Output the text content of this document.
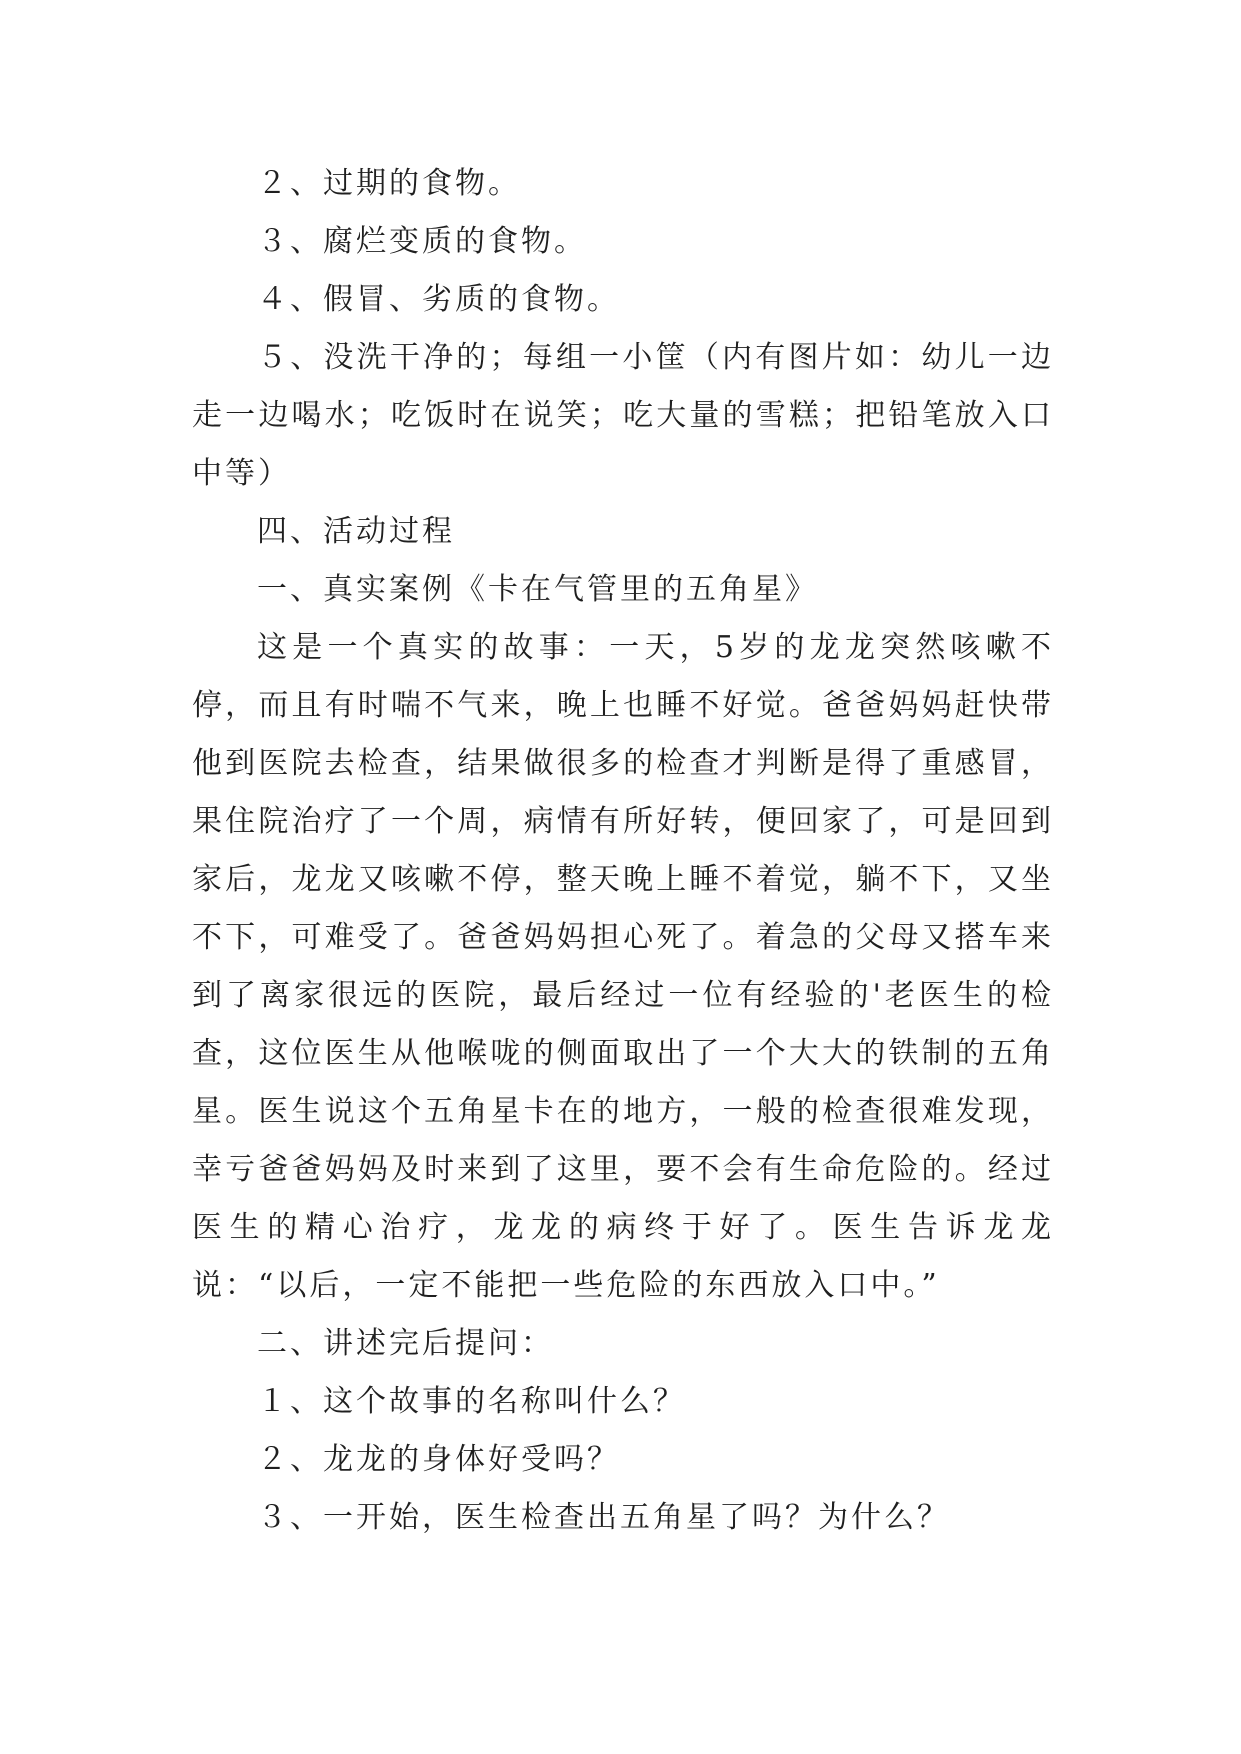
２、过期的食物。

３、腐烂变质的食物。

４、假冒、劣质的食物。

５、没洗干净的；每组一小筐（内有图片如：幼儿一边走一边喝水；吃饭时在说笑；吃大量的雪糕；把铅笔放入口中等）

四、活动过程

一、真实案例《卡在气管里的五角星》

这是一个真实的故事：一天，5岁的龙龙突然咳嗽不停，而且有时喘不气来，晚上也睡不好觉。爸爸妈妈赶快带他到医院去检查，结果做很多的检查才判断是得了重感冒，果住院治疗了一个周，病情有所好转，便回家了，可是回到家后，龙龙又咳嗽不停，整天晚上睡不着觉，躺不下，又坐不下，可难受了。爸爸妈妈担心死了。着急的父母又搭车来到了离家很远的医院，最后经过一位有经验的'老医生的检查，这位医生从他喉咙的侧面取出了一个大大的铁制的五角星。医生说这个五角星卡在的地方，一般的检查很难发现，幸亏爸爸妈妈及时来到了这里，要不会有生命危险的。经过医生的精心治疗，龙龙的病终于好了。医生告诉龙龙说：“以后，一定不能把一些危险的东西放入口中。”

二、讲述完后提问：

１、这个故事的名称叫什么？

２、龙龙的身体好受吗？

３、一开始，医生检查出五角星了吗？为什么？
